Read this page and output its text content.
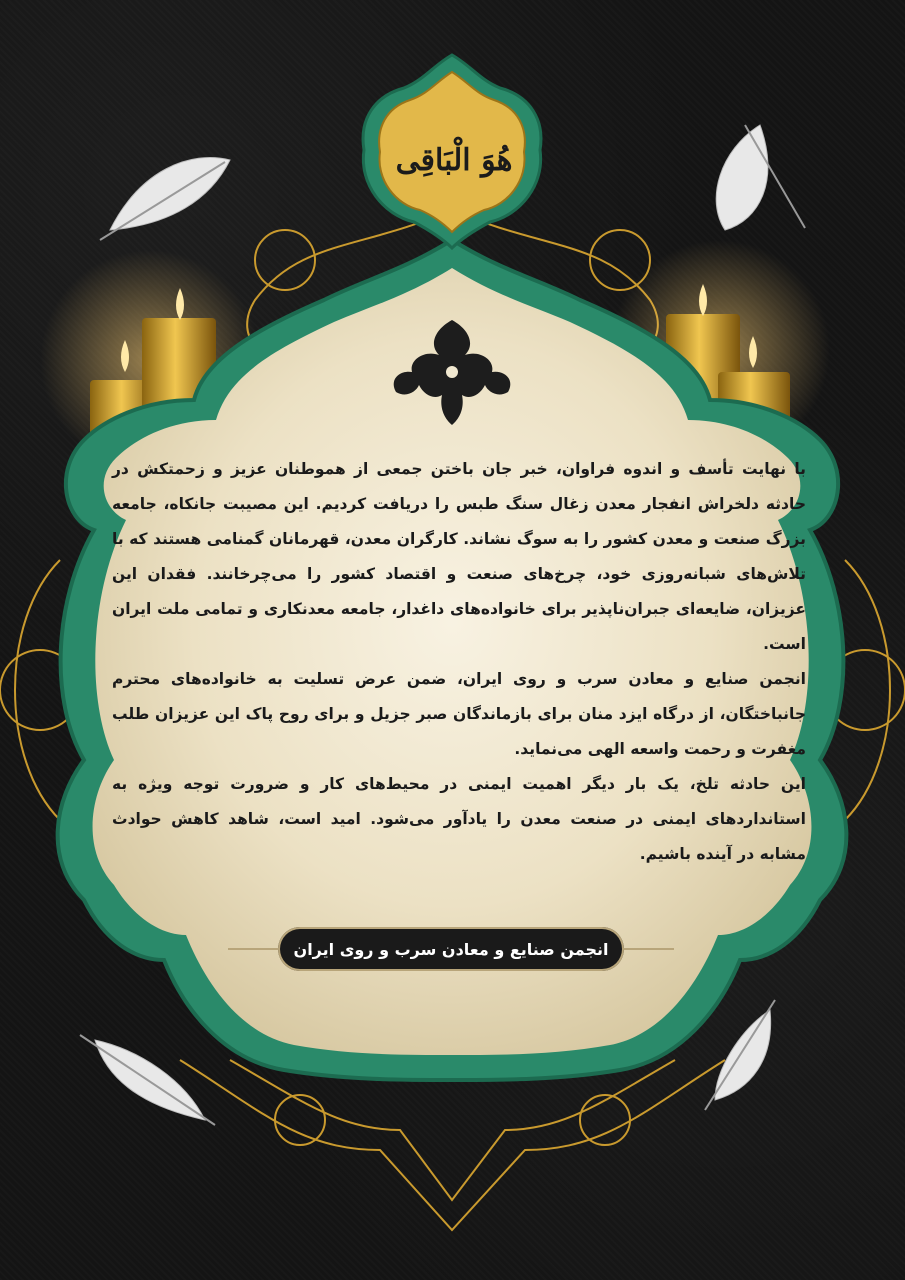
هُوَ الْبَاقِی

با نهایت تأسف و اندوه فراوان، خبر جان باختن جمعی از هموطنان عزیز و زحمتکش در حادثه دلخراش انفجار معدن زغال سنگ طبس را دریافت کردیم. این مصیبت جانکاه، جامعه بزرگ صنعت و معدن کشور را به سوگ نشاند. کارگران معدن، قهرمانان گمنامی هستند که با تلاش‌های شبانه‌روزی خود، چرخ‌های صنعت و اقتصاد کشور را می‌چرخانند. فقدان این عزیزان، ضایعه‌ای جبران‌ناپذیر برای خانواده‌های داغدار، جامعه معدنکاری و تمامی ملت ایران است.

انجمن صنایع و معادن سرب و روی ایران، ضمن عرض تسلیت به خانواده‌های محترم جانباختگان، از درگاه ایزد منان برای بازماندگان صبر جزیل و برای روح پاک این عزیزان طلب مغفرت و رحمت واسعه الهی می‌نماید.

این حادثه تلخ، یک بار دیگر اهمیت ایمنی در محیط‌های کار و ضرورت توجه ویژه به استانداردهای ایمنی در صنعت معدن را یادآور می‌شود. امید است، شاهد کاهش حوادث مشابه در آینده باشیم.

انجمن صنایع و معادن سرب و روی ایران
